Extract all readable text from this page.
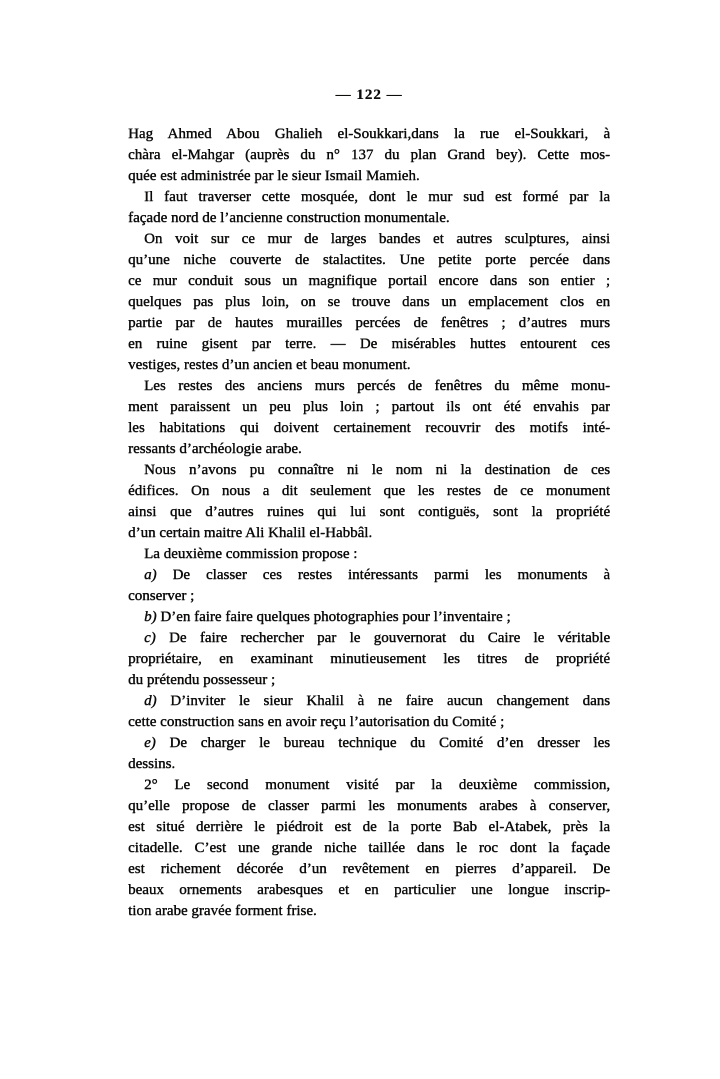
— 122 —
Hag Ahmed Abou Ghalieh el-Soukkari,dans la rue el-Soukkari, à
chàra el-Mahgar (auprès du n° 137 du plan Grand bey). Cette mos-
quée est administrée par le sieur Ismail Mamieh.
Il faut traverser cette mosquée, dont le mur sud est formé par la
façade nord de l’ancienne construction monumentale.
On voit sur ce mur de larges bandes et autres sculptures, ainsi
qu’une niche couverte de stalactites. Une petite porte percée dans
ce mur conduit sous un magnifique portail encore dans son entier ;
quelques pas plus loin, on se trouve dans un emplacement clos en
partie par de hautes murailles percées de fenêtres ; d’autres murs
en ruine gisent par terre. — De misérables huttes entourent ces
vestiges, restes d’un ancien et beau monument.
Les restes des anciens murs percés de fenêtres du même monu-
ment paraissent un peu plus loin ; partout ils ont été envahis par
les habitations qui doivent certainement recouvrir des motifs inté-
ressants d’archéologie arabe.
Nous n’avons pu connaître ni le nom ni la destination de ces
édifices. On nous a dit seulement que les restes de ce monument
ainsi que d’autres ruines qui lui sont contiguës, sont la propriété
d’un certain maitre Ali Khalil el-Habbâl.
La deuxième commission propose :
a) De classer ces restes intéressants parmi les monuments à
conserver ;
b) D’en faire faire quelques photographies pour l’inventaire ;
c) De faire rechercher par le gouvernorat du Caire le véritable
propriétaire, en examinant minutieusement les titres de propriété
du prétendu possesseur ;
d) D’inviter le sieur Khalil à ne faire aucun changement dans
cette construction sans en avoir reçu l’autorisation du Comité ;
e) De charger le bureau technique du Comité d’en dresser les
dessins.
2° Le second monument visité par la deuxième commission,
qu’elle propose de classer parmi les monuments arabes à conserver,
est situé derrière le piédroit est de la porte Bab el-Atabek, près la
citadelle. C’est une grande niche taillée dans le roc dont la façade
est richement décorée d’un revêtement en pierres d’appareil. De
beaux ornements arabesques et en particulier une longue inscrip-
tion arabe gravée forment frise.
